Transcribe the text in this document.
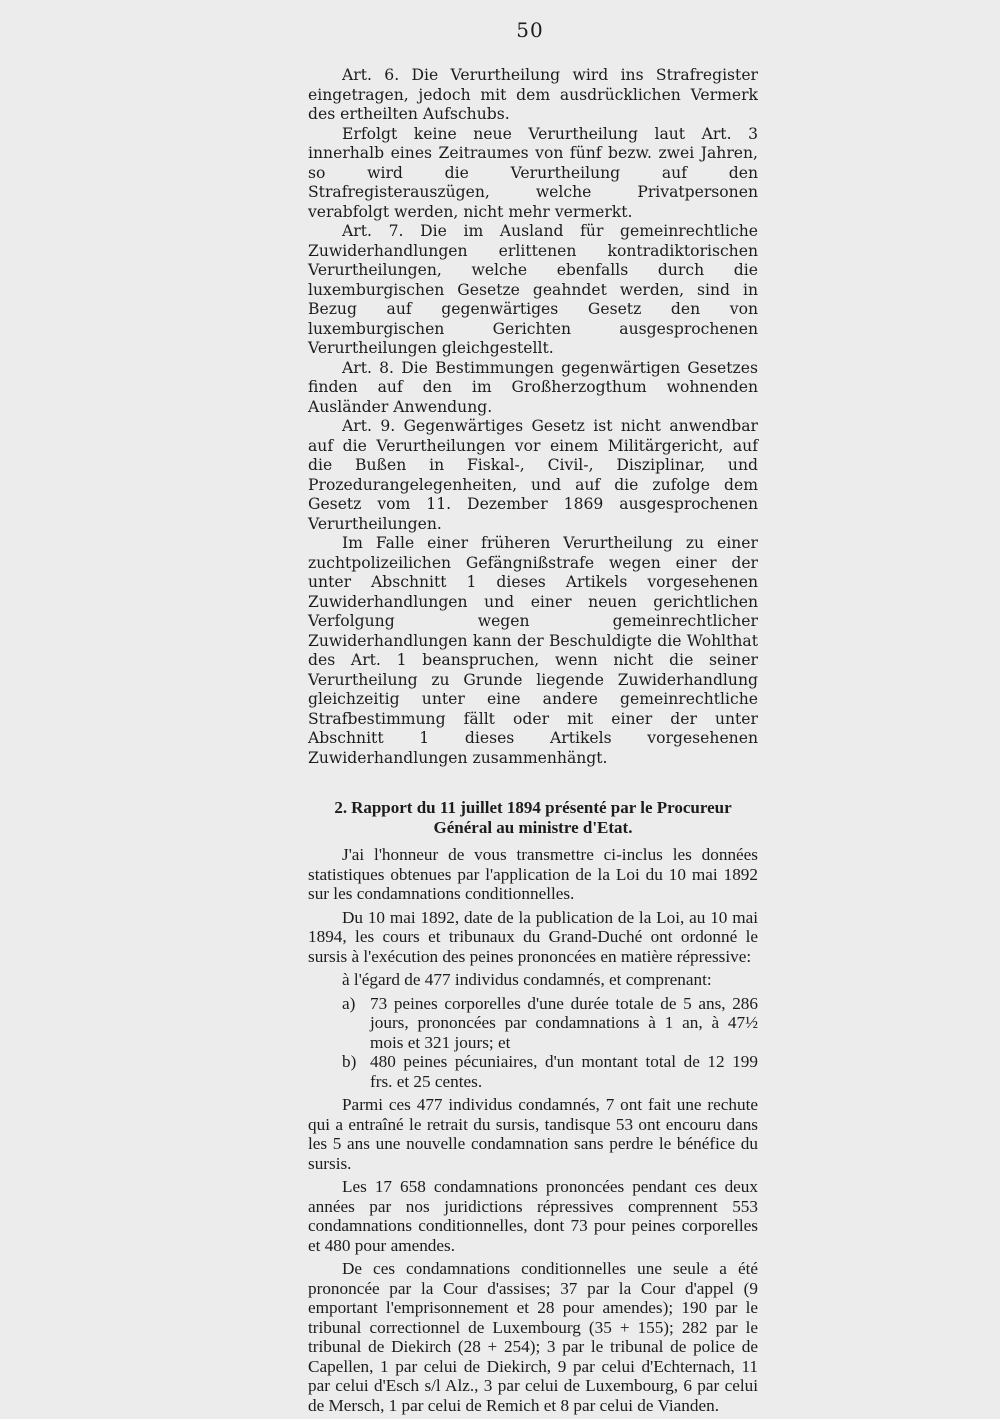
50

Art. 6. Die Verurtheilung wird ins Strafregister eingetragen, jedoch mit dem ausdrücklichen Vermerk des ertheilten Aufschubs.

Erfolgt keine neue Verurtheilung laut Art. 3 innerhalb eines Zeitraumes von fünf bezw. zwei Jahren, so wird die Verurtheilung auf den Strafregisterauszügen, welche Privatpersonen verabfolgt werden, nicht mehr vermerkt.

Art. 7. Die im Ausland für gemeinrechtliche Zuwiderhandlungen erlittenen kontradiktorischen Verurtheilungen, welche ebenfalls durch die luxemburgischen Gesetze geahndet werden, sind in Bezug auf gegenwärtiges Gesetz den von luxemburgischen Gerichten ausgesprochenen Verurtheilungen gleichgestellt.

Art. 8. Die Bestimmungen gegenwärtigen Gesetzes finden auf den im Großherzogthum wohnenden Ausländer Anwendung.

Art. 9. Gegenwärtiges Gesetz ist nicht anwendbar auf die Verurtheilungen vor einem Militärgericht, auf die Bußen in Fiskal-, Civil-, Disziplinar, und Prozedurangelegenheiten, und auf die zufolge dem Gesetz vom 11. Dezember 1869 ausgesprochenen Verurtheilungen.

Im Falle einer früheren Verurtheilung zu einer zuchtpolizeilichen Gefängnißstrafe wegen einer der unter Abschnitt 1 dieses Artikels vorgesehenen Zuwiderhandlungen und einer neuen gerichtlichen Verfolgung wegen gemeinrechtlicher Zuwiderhandlungen kann der Beschuldigte die Wohlthat des Art. 1 beanspruchen, wenn nicht die seiner Verurtheilung zu Grunde liegende Zuwiderhandlung gleichzeitig unter eine andere gemeinrechtliche Strafbestimmung fällt oder mit einer der unter Abschnitt 1 dieses Artikels vorgesehenen Zuwiderhandlungen zusammenhängt.

2. Rapport du 11 juillet 1894 présenté par le Procureur Général au ministre d'Etat.

J'ai l'honneur de vous transmettre ci-inclus les données statistiques obtenues par l'application de la Loi du 10 mai 1892 sur les condamnations conditionnelles.

Du 10 mai 1892, date de la publication de la Loi, au 10 mai 1894, les cours et tribunaux du Grand-Duché ont ordonné le sursis à l'exécution des peines prononcées en matière répressive:

à l'égard de 477 individus condamnés, et comprenant:

a) 73 peines corporelles d'une durée totale de 5 ans, 286 jours, prononcées par condamnations à 1 an, à 47½ mois et 321 jours; et
b) 480 peines pécuniaires, d'un montant total de 12 199 frs. et 25 centes.

Parmi ces 477 individus condamnés, 7 ont fait une rechute qui a entraîné le retrait du sursis, tandisque 53 ont encouru dans les 5 ans une nouvelle condamnation sans perdre le bénéfice du sursis.

Les 17 658 condamnations prononcées pendant ces deux années par nos juridictions répressives comprennent 553 condamnations conditionnelles, dont 73 pour peines corporelles et 480 pour amendes.

De ces condamnations conditionnelles une seule a été prononcée par la Cour d'assises; 37 par la Cour d'appel (9 emportant l'emprisonnement et 28 pour amendes); 190 par le tribunal correctionnel de Luxembourg (35 + 155); 282 par le tribunal de Diekirch (28 + 254); 3 par le tribunal de police de Capellen, 1 par celui de Diekirch, 9 par celui d'Echternach, 11 par celui d'Esch s/l Alz., 3 par celui de Luxembourg, 6 par celui de Mersch, 1 par celui de Remich et 8 par celui de Vianden.
